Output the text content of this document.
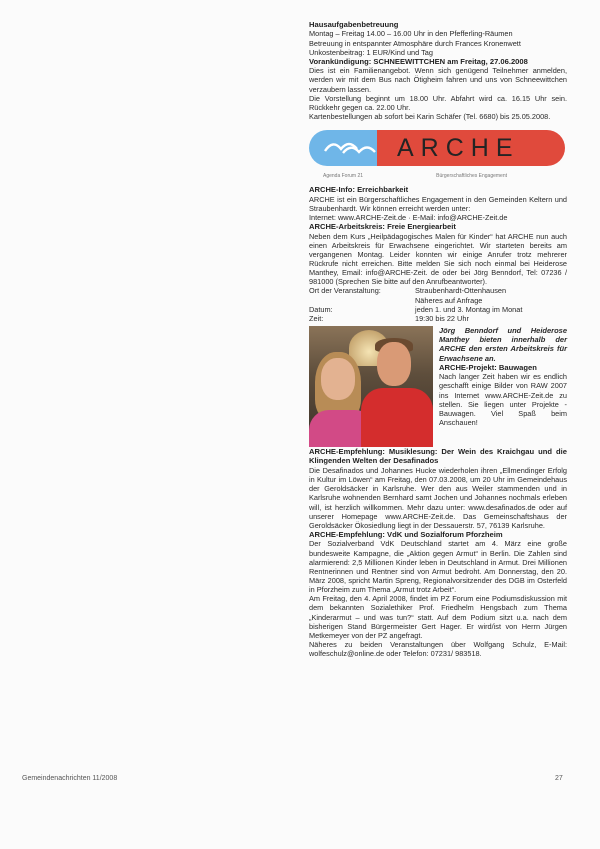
Hausaufgabenbetreuung

Montag – Freitag 14.00 – 16.00 Uhr in den Pfefferling-Räumen

Betreuung in entspannter Atmosphäre durch Frances Kronenwett

Unkostenbeitrag: 1 EUR/Kind und Tag

Vorankündigung: SCHNEEWITTCHEN am Freitag, 27.06.2008

Dies ist ein Familienangebot. Wenn sich genügend Teilnehmer anmelden, werden wir mit dem Bus nach Ötigheim fahren und uns von Schneewittchen verzaubern lassen.

Die Vorstellung beginnt um 18.00 Uhr. Abfahrt wird ca. 16.15 Uhr sein. Rückkehr gegen ca. 22.00 Uhr.

Kartenbestellungen ab sofort bei Karin Schäfer (Tel. 6680) bis 25.05.2008.

ARCHE
Agenda Forum 21	Bürgerschaftliches Engagement

ARCHE-Info: Erreichbarkeit

ARCHE ist ein Bürgerschaftliches Engagement in den Gemeinden Keltern und Straubenhardt. Wir können erreicht werden unter:

Internet: www.ARCHE-Zeit.de · E-Mail: info@ARCHE-Zeit.de

ARCHE-Arbeitskreis: Freie Energiearbeit

Neben dem Kurs „Heilpädagogisches Malen für Kinder“ hat ARCHE nun auch einen Arbeitskreis für Erwachsene eingerichtet. Wir starteten bereits am vergangenen Montag. Leider konnten wir einige Anrufer trotz mehrerer Rückrufe nicht erreichen. Bitte melden Sie sich noch einmal bei Heiderose Manthey, Email: info@ARCHE-Zeit. de oder bei Jörg Benndorf, Tel: 07236 / 981000 (Sprechen Sie bitte auf den Anrufbeantworter).

Ort der Veranstaltung:	Straubenhardt-Ottenhausen
	Näheres auf Anfrage
Datum:	jeden 1. und 3. Montag im Monat
Zeit:	19:30 bis 22 Uhr

Jörg Benndorf und Heiderose Manthey bieten innerhalb der ARCHE den ersten Arbeitskreis für Erwachsene an.

ARCHE-Projekt: Bauwagen

Nach langer Zeit haben wir es endlich geschafft einige Bilder von RAW 2007 ins Internet www.ARCHE-Zeit.de zu stellen. Sie liegen unter Projekte - Bauwagen. Viel Spaß beim Anschauen!

ARCHE-Empfehlung: Musiklesung: Der Wein des Kraichgau und die Klingenden Welten der Desafinados

Die Desafinados und Johannes Hucke wiederholen ihren „Ellmendinger Erfolg in Kultur im Löwen“ am Freitag, den 07.03.2008, um 20 Uhr im Gemeindehaus der Geroldsäcker in Karlsruhe. Wer den aus Weiler stammenden und in Karlsruhe wohnenden Bernhard samt Jochen und Johannes nochmals erleben will, ist herzlich willkommen. Mehr dazu unter: www.desafinados.de oder auf unserer Homepage www.ARCHE-Zeit.de. Das Gemeinschaftshaus der Geroldsäcker Ökosiedlung liegt in der Dessauerstr. 57, 76139 Karlsruhe.

ARCHE-Empfehlung: VdK und Sozialforum Pforzheim

Der Sozialverband VdK Deutschland startet am 4. März eine große bundesweite Kampagne, die „Aktion gegen Armut“ in Berlin. Die Zahlen sind alarmierend: 2,5 Millionen Kinder leben in Deutschland in Armut. Drei Millionen Rentnerinnen und Rentner sind von Armut bedroht. Am Donnerstag, den 20. März 2008, spricht Martin Spreng, Regionalvorsitzender des DGB im Osterfeld in Pforzheim zum Thema „Armut trotz Arbeit“.

Am Freitag, den 4. April 2008, findet im PZ Forum eine Podiumsdiskussion mit dem bekannten Sozialethiker Prof. Friedhelm Hengsbach zum Thema „Kinderarmut – und was tun?“ statt. Auf dem Podium sitzt u.a. nach dem bisherigen Stand Bürgermeister Gert Hager. Er wird/ist von Herrn Jürgen Metkemeyer von der PZ angefragt.

Näheres zu beiden Veranstaltungen über Wolfgang Schulz, E-Mail: wolfeschulz@online.de oder Telefon: 07231/ 983518.

Gemeindenachrichten 11/2008	27
